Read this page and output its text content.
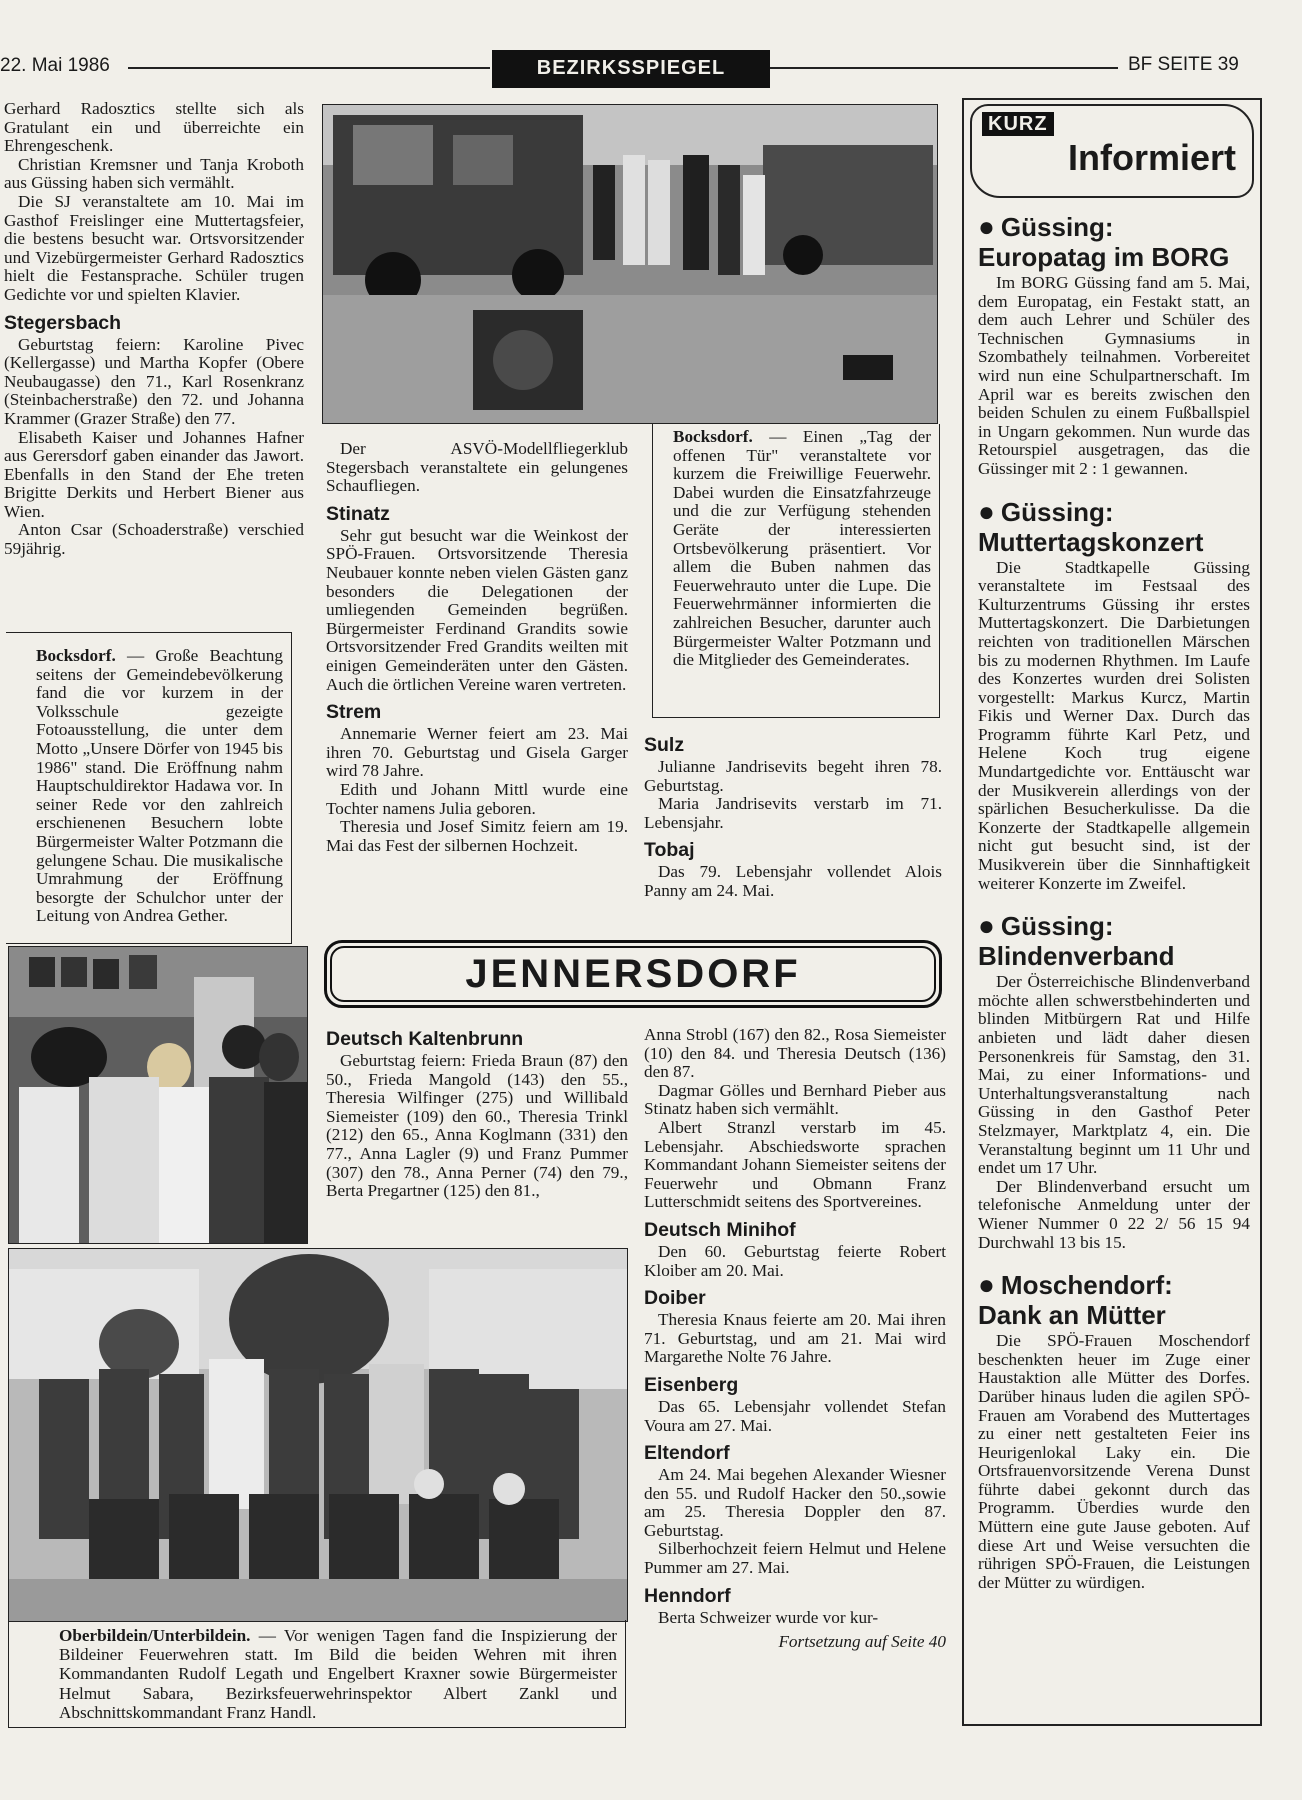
22. Mai 1986	BEZIRKSSPIEGEL	BF SEITE 39

Gerhard Radosztics stellte sich als Gratulant ein und überreichte ein Ehrengeschenk.

Christian Kremsner und Tanja Kroboth aus Güssing haben sich vermählt.

Die SJ veranstaltete am 10. Mai im Gasthof Freislinger eine Muttertagsfeier, die bestens besucht war. Ortsvorsitzender und Vizebürgermeister Gerhard Radosztics hielt die Festansprache. Schüler trugen Gedichte vor und spielten Klavier.

Stegersbach

Geburtstag feiern: Karoline Pivec (Kellergasse) und Martha Kopfer (Obere Neubaugasse) den 71., Karl Rosenkranz (Steinbacherstraße) den 72. und Johanna Krammer (Grazer Straße) den 77.

Elisabeth Kaiser und Johannes Hafner aus Gerersdorf gaben einander das Jawort. Ebenfalls in den Stand der Ehe treten Brigitte Derkits und Herbert Biener aus Wien.

Anton Csar (Schoaderstraße) verschied 59jährig.

Bocksdorf. — Große Beachtung seitens der Gemeindebevölkerung fand die vor kurzem in der Volksschule gezeigte Fotoausstellung, die unter dem Motto „Unsere Dörfer von 1945 bis 1986" stand. Die Eröffnung nahm Hauptschuldirektor Hadawa vor. In seiner Rede vor den zahlreich erschienenen Besuchern lobte Bürgermeister Walter Potzmann die gelungene Schau. Die musikalische Umrahmung der Eröffnung besorgte der Schulchor unter der Leitung von Andrea Gether.

Der ASVÖ-Modellfliegerklub Stegersbach veranstaltete ein gelungenes Schaufliegen.

Stinatz

Sehr gut besucht war die Weinkost der SPÖ-Frauen. Ortsvorsitzende Theresia Neubauer konnte neben vielen Gästen ganz besonders die Delegationen der umliegenden Gemeinden begrüßen. Bürgermeister Ferdinand Grandits sowie Ortsvorsitzender Fred Grandits weilten mit einigen Gemeinderäten unter den Gästen. Auch die örtlichen Vereine waren vertreten.

Strem

Annemarie Werner feiert am 23. Mai ihren 70. Geburtstag und Gisela Garger wird 78 Jahre.

Edith und Johann Mittl wurde eine Tochter namens Julia geboren.

Theresia und Josef Simitz feiern am 19. Mai das Fest der silbernen Hochzeit.

Bocksdorf. — Einen „Tag der offenen Tür" veranstaltete vor kurzem die Freiwillige Feuerwehr. Dabei wurden die Einsatzfahrzeuge und die zur Verfügung stehenden Geräte der interessierten Ortsbevölkerung präsentiert. Vor allem die Buben nahmen das Feuerwehrauto unter die Lupe. Die Feuerwehrmänner informierten die zahlreichen Besucher, darunter auch Bürgermeister Walter Potzmann und die Mitglieder des Gemeinderates.
Sulz

Julianne Jandrisevits begeht ihren 78. Geburtstag.

Maria Jandrisevits verstarb im 71. Lebensjahr.

Tobaj

Das 79. Lebensjahr vollendet Alois Panny am 24. Mai.

JENNERSDORF
Deutsch Kaltenbrunn

Geburtstag feiern: Frieda Braun (87) den 50., Frieda Mangold (143) den 55., Theresia Wilfinger (275) und Willibald Siemeister (109) den 60., Theresia Trinkl (212) den 65., Anna Koglmann (331) den 77., Anna Lagler (9) und Franz Pummer (307) den 78., Anna Perner (74) den 79., Berta Pregartner (125) den 81.,

Anna Strobl (167) den 82., Rosa Siemeister (10) den 84. und Theresia Deutsch (136) den 87.

Dagmar Gölles und Bernhard Pieber aus Stinatz haben sich vermählt.

Albert Stranzl verstarb im 45. Lebensjahr. Abschiedsworte sprachen Kommandant Johann Siemeister seitens der Feuerwehr und Obmann Franz Lutterschmidt seitens des Sportvereines.

Deutsch Minihof

Den 60. Geburtstag feierte Robert Kloiber am 20. Mai.

Doiber

Theresia Knaus feierte am 20. Mai ihren 71. Geburtstag, und am 21. Mai wird Margarethe Nolte 76 Jahre.

Eisenberg

Das 65. Lebensjahr vollendet Stefan Voura am 27. Mai.

Eltendorf

Am 24. Mai begehen Alexander Wiesner den 55. und Rudolf Hacker den 50.,sowie am 25. Theresia Doppler den 87. Geburtstag.

Silberhochzeit feiern Helmut und Helene Pummer am 27. Mai.

Henndorf

Berta Schweizer wurde vor kur-

Fortsetzung auf Seite 40
Oberbildein/Unterbildein. — Vor wenigen Tagen fand die Inspizierung der Bildeiner Feuerwehren statt. Im Bild die beiden Wehren mit ihren Kommandanten Rudolf Legath und Engelbert Kraxner sowie Bürgermeister Helmut Sabara, Bezirksfeuerwehrinspektor Albert Zankl und Abschnittskommandant Franz Handl.
KURZ
Informiert
● Güssing:
Europatag im BORG

Im BORG Güssing fand am 5. Mai, dem Europatag, ein Festakt statt, an dem auch Lehrer und Schüler des Technischen Gymnasiums in Szombathely teilnahmen. Vorbereitet wird nun eine Schulpartnerschaft. Im April war es bereits zwischen den beiden Schulen zu einem Fußballspiel in Ungarn gekommen. Nun wurde das Retourspiel ausgetragen, das die Güssinger mit 2 : 1 gewannen.

● Güssing:
Muttertagskonzert

Die Stadtkapelle Güssing veranstaltete im Festsaal des Kulturzentrums Güssing ihr erstes Muttertagskonzert. Die Darbietungen reichten von traditionellen Märschen bis zu modernen Rhythmen. Im Laufe des Konzertes wurden drei Solisten vorgestellt: Markus Kurcz, Martin Fikis und Werner Dax. Durch das Programm führte Karl Petz, und Helene Koch trug eigene Mundartgedichte vor. Enttäuscht war der Musikverein allerdings von der spärlichen Besucherkulisse. Da die Konzerte der Stadtkapelle allgemein nicht gut besucht sind, ist der Musikverein über die Sinnhaftigkeit weiterer Konzerte im Zweifel.

● Güssing:
Blindenverband

Der Österreichische Blindenverband möchte allen schwerstbehinderten und blinden Mitbürgern Rat und Hilfe anbieten und lädt daher diesen Personenkreis für Samstag, den 31. Mai, zu einer Informations- und Unterhaltungsveranstaltung nach Güssing in den Gasthof Peter Stelzmayer, Marktplatz 4, ein. Die Veranstaltung beginnt um 11 Uhr und endet um 17 Uhr.

Der Blindenverband ersucht um telefonische Anmeldung unter der Wiener Nummer 0 22 2/ 56 15 94 Durchwahl 13 bis 15.

● Moschendorf:
Dank an Mütter

Die SPÖ-Frauen Moschendorf beschenkten heuer im Zuge einer Haustaktion alle Mütter des Dorfes. Darüber hinaus luden die agilen SPÖ-Frauen am Vorabend des Muttertages zu einer nett gestalteten Feier ins Heurigenlokal Laky ein. Die Ortsfrauenvorsitzende Verena Dunst führte dabei gekonnt durch das Programm. Überdies wurde den Müttern eine gute Jause geboten. Auf diese Art und Weise versuchten die rührigen SPÖ-Frauen, die Leistungen der Mütter zu würdigen.
